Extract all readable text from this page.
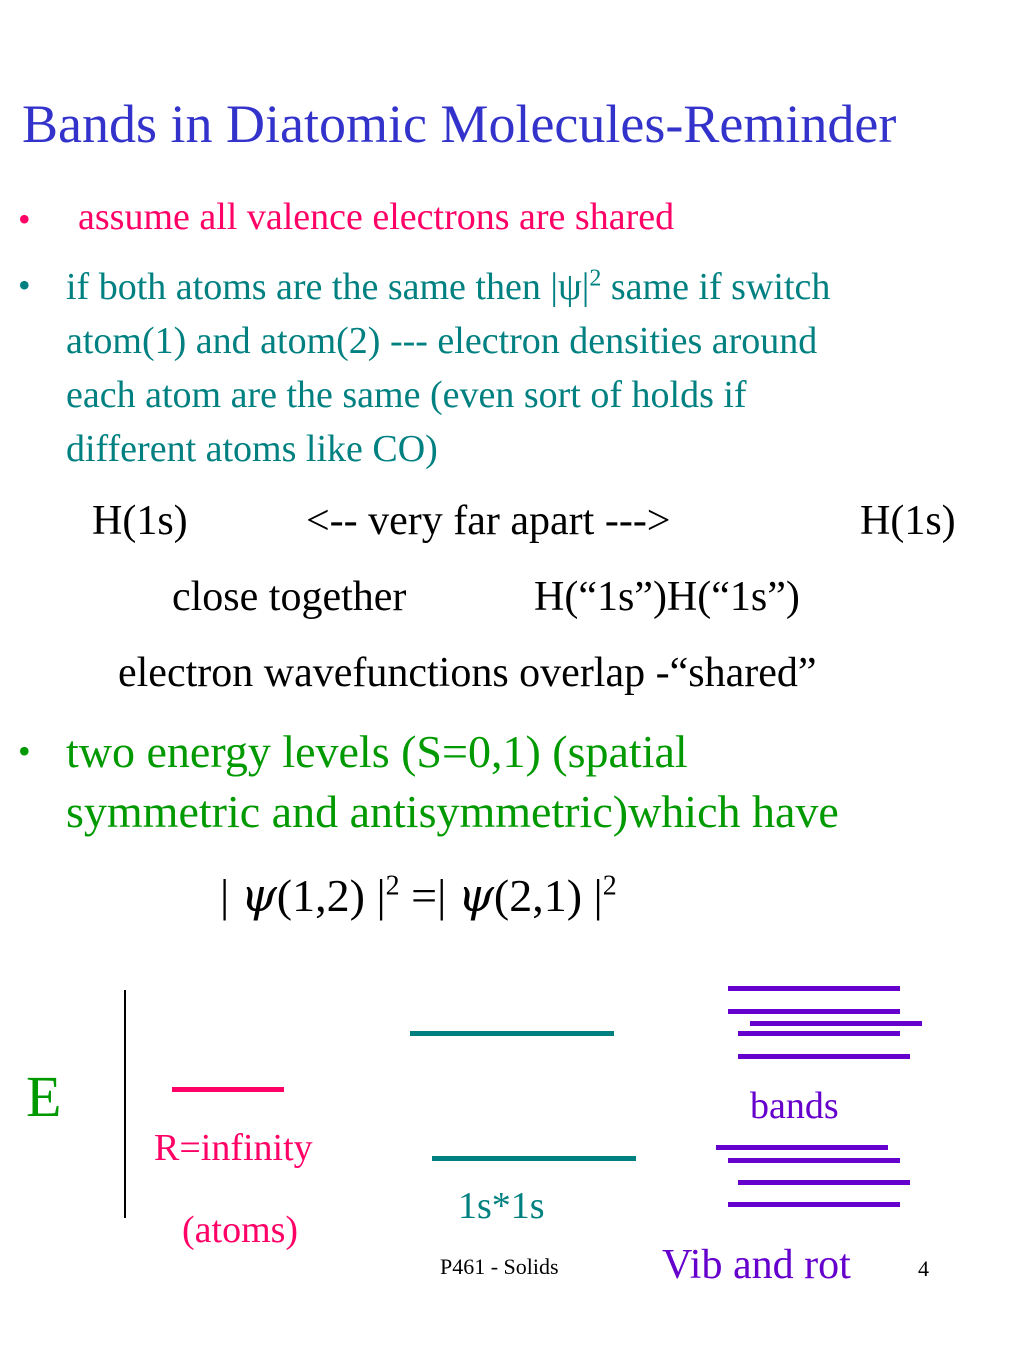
Bands in Diatomic Molecules-Reminder
• assume all valence electrons are shared
• if both atoms are the same then $|\psi|^2$ same if switch
atom(1) and atom(2) --- electron densities around
each atom are the same (even sort of holds if
different atoms like CO)
H(1s)	<-- very far apart --->	H(1s)
close together	H(“1s”)H(“1s”)
electron wavefunctions overlap -“shared”
• two energy levels (S=0,1) (spatial
symmetric and antisymmetric)which have
| ψ(1,2) $|^2$ =| ψ(2,1) $|^2$
E
R=infinity
(atoms)
1s*1s
bands
Vib and rot
P461 - Solids	4
